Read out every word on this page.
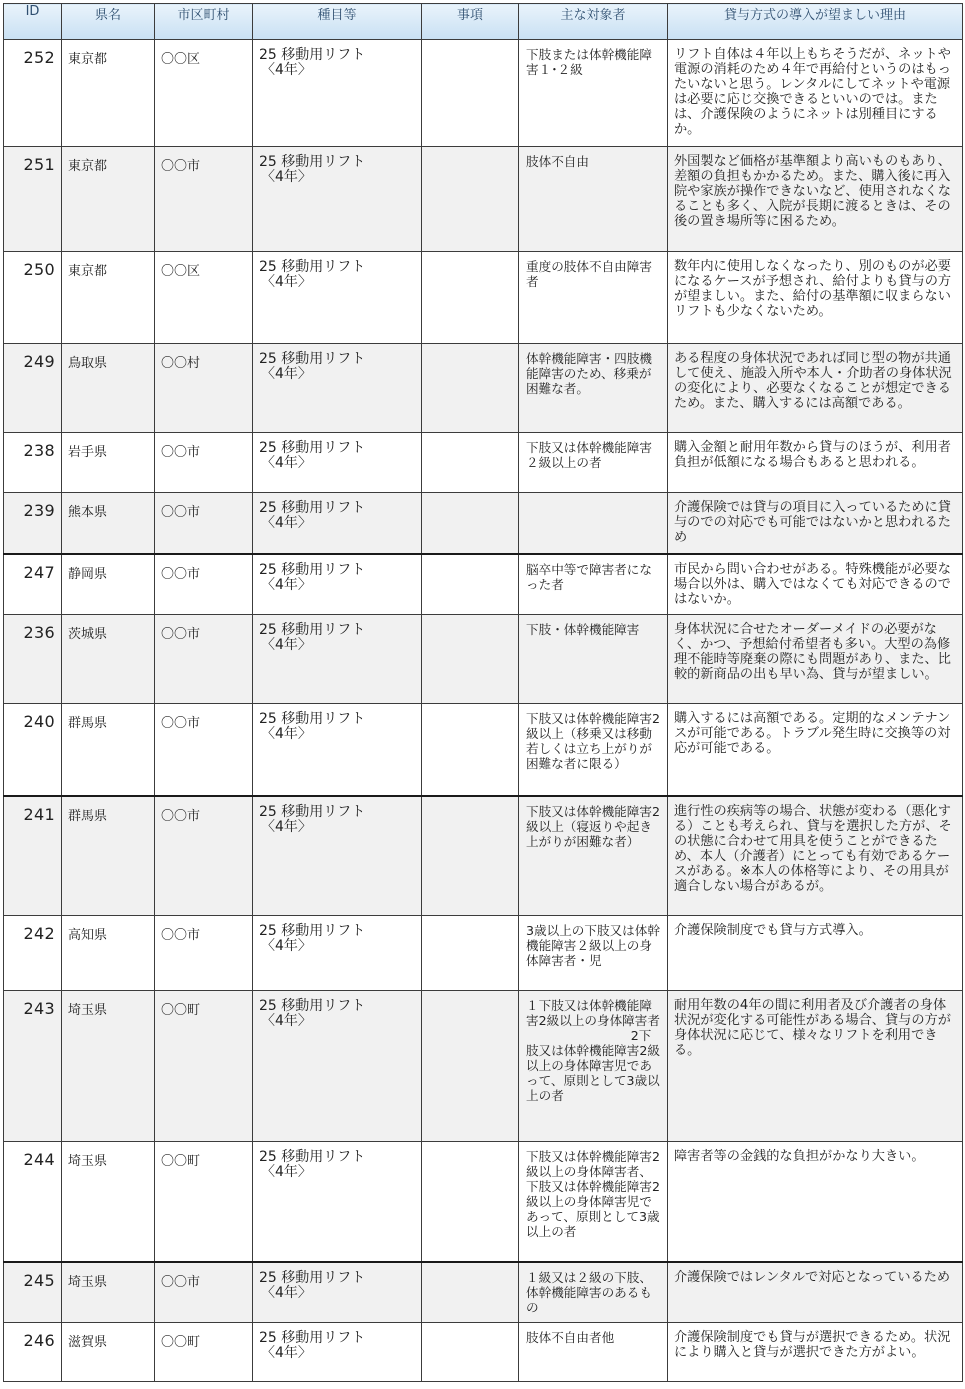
ID	県名	市区町村	種目等	事項	主な対象者	貸与方式の導入が望ましい理由
252	東京都	〇〇区	25 移動用リフト
〈4年〉		下肢または体幹機能障害１･２級	リフト自体は４年以上もちそうだが、ネットや電源の消耗のため４年で再給付というのはもったいないと思う。レンタルにしてネットや電源は必要に応じ交換できるといいのでは。または、介護保険のようにネットは別種目にするか。
251	東京都	〇〇市	25 移動用リフト
〈4年〉		肢体不自由	外国製など価格が基準額より高いものもあり、差額の負担もかかるため。また、購入後に再入院や家族が操作できないなど、使用されなくなることも多く、入院が長期に渡るときは、その後の置き場所等に困るため。
250	東京都	〇〇区	25 移動用リフト
〈4年〉		重度の肢体不自由障害者	数年内に使用しなくなったり、別のものが必要になるケースが予想され、給付よりも貸与の方が望ましい。また、給付の基準額に収まらないリフトも少なくないため。
249	鳥取県	〇〇村	25 移動用リフト
〈4年〉		体幹機能障害・四肢機能障害のため、移乗が困難な者。	ある程度の身体状況であれば同じ型の物が共通して使え、施設入所や本人・介助者の身体状況の変化により、必要なくなることが想定できるため。また、購入するには高額である。
238	岩手県	〇〇市	25 移動用リフト
〈4年〉		下肢又は体幹機能障害２級以上の者	購入金額と耐用年数から貸与のほうが、利用者負担が低額になる場合もあると思われる。
239	熊本県	〇〇市	25 移動用リフト
〈4年〉			介護保険では貸与の項目に入っているために貸与のでの対応でも可能ではないかと思われるため
247	静岡県	〇〇市	25 移動用リフト
〈4年〉		脳卒中等で障害者になった者	市民から問い合わせがある。特殊機能が必要な場合以外は、購入ではなくても対応できるのではないか。
236	茨城県	〇〇市	25 移動用リフト
〈4年〉		下肢・体幹機能障害	身体状況に合せたオーダーメイドの必要がなく、かつ、予想給付希望者も多い。大型の為修理不能時等廃棄の際にも問題があり、また、比較的新商品の出も早い為、貸与が望ましい。
240	群馬県	〇〇市	25 移動用リフト
〈4年〉		下肢又は体幹機能障害2級以上（移乗又は移動若しくは立ち上がりが困難な者に限る）	購入するには高額である。定期的なメンテナンスが可能である。トラブル発生時に交換等の対応が可能である。
241	群馬県	〇〇市	25 移動用リフト
〈4年〉		下肢又は体幹機能障害2級以上（寝返りや起き上がりが困難な者）	進行性の疾病等の場合、状態が変わる（悪化する）ことも考えられ、貸与を選択した方が、その状態に合わせて用具を使うことができるため、本人（介護者）にとっても有効であるケースがある。※本人の体格等により、その用具が適合しない場合があるが。
242	高知県	〇〇市	25 移動用リフト
〈4年〉		3歳以上の下肢又は体幹機能障害２級以上の身体障害者・児	介護保険制度でも貸与方式導入。
243	埼玉県	〇〇町	25 移動用リフト
〈4年〉		１下肢又は体幹機能障害2級以上の身体障害者
　　　　　　　　 2下肢又は体幹機能障害2級以上の身体障害児であって、原則として3歳以上の者	耐用年数の4年の間に利用者及び介護者の身体状況が変化する可能性がある場合、貸与の方が身体状況に応じて、様々なリフトを利用できる。
244	埼玉県	〇〇町	25 移動用リフト
〈4年〉		下肢又は体幹機能障害2級以上の身体障害者、下肢又は体幹機能障害2級以上の身体障害児であって、原則として3歳以上の者	障害者等の金銭的な負担がかなり大きい。
245	埼玉県	〇〇市	25 移動用リフト
〈4年〉		１級又は２級の下肢、体幹機能障害のあるもの	介護保険ではレンタルで対応となっているため
246	滋賀県	〇〇町	25 移動用リフト
〈4年〉		肢体不自由者他	介護保険制度でも貸与が選択できるため。状況により購入と貸与が選択できた方がよい。
